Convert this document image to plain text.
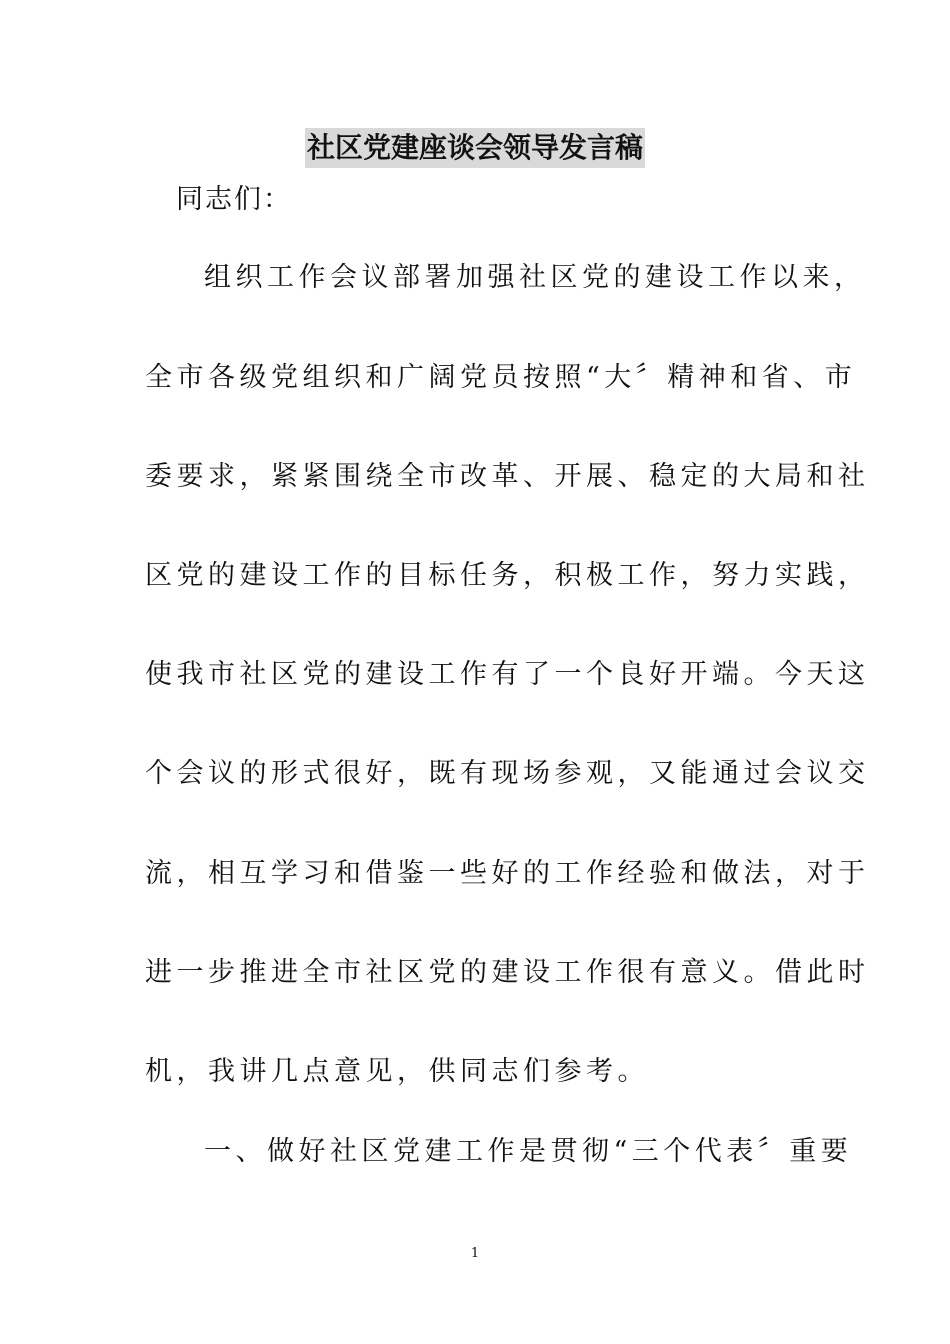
社区党建座谈会领导发言稿
同志们：
组织工作会议部署加强社区党的建设工作以来，
全市各级党组织和广阔党员按照“大〞精神和省、市
委要求，紧紧围绕全市改革、开展、稳定的大局和社
区党的建设工作的目标任务，积极工作，努力实践，
使我市社区党的建设工作有了一个良好开端。今天这
个会议的形式很好，既有现场参观，又能通过会议交
流，相互学习和借鉴一些好的工作经验和做法，对于
进一步推进全市社区党的建设工作很有意义。借此时
机，我讲几点意见，供同志们参考。
一、做好社区党建工作是贯彻“三个代表〞重要
1
